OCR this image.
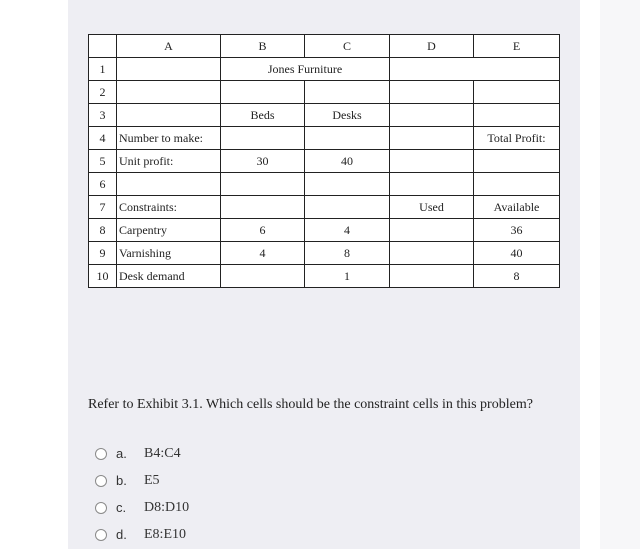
	A	B	C	D	E
1		Jones Furniture			
2					
3		Beds	Desks		
4	Number to make:				Total Profit:
5	Unit profit:	30	40		
6					
7	Constraints:			Used	Available
8	Carpentry	6	4		36
9	Varnishing	4	8		40
10	Desk demand		1		8
Refer to Exhibit 3.1. Which cells should be the constraint cells in this problem?
a.	B4:C4
b.	E5
c.	D8:D10
d.	E8:E10
